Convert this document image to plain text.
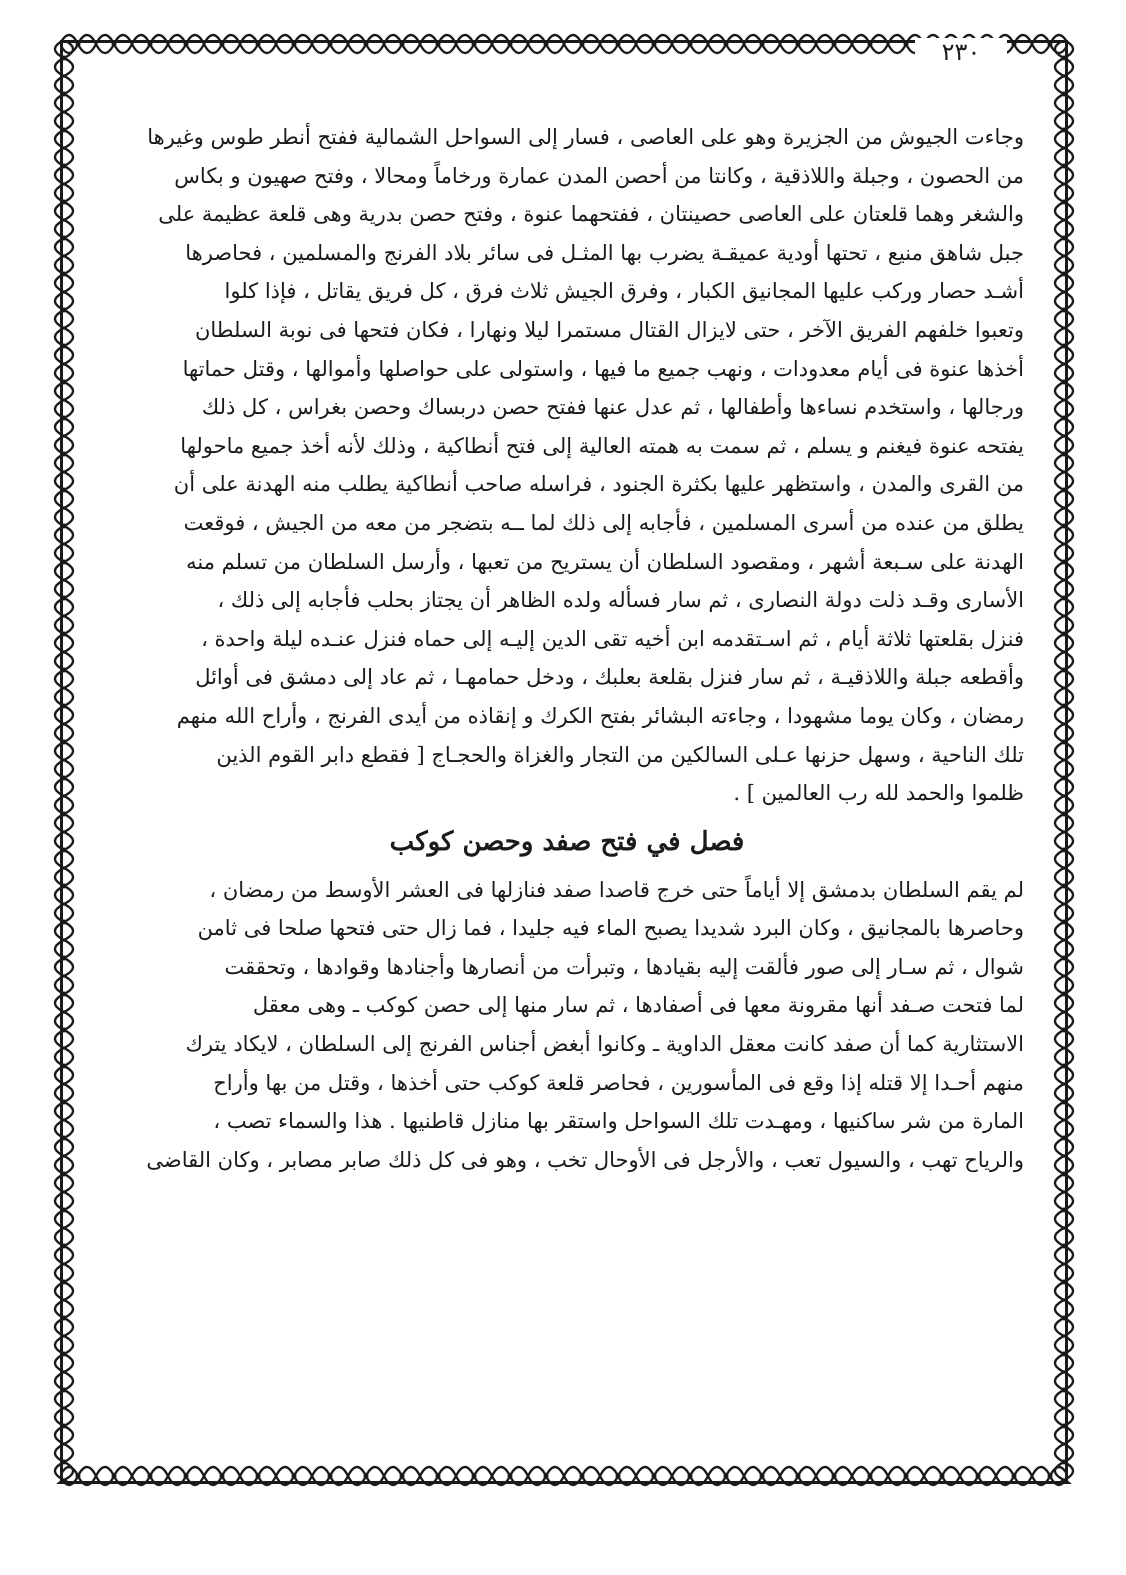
٢٣٠
وجاءت الجيوش من الجزيرة وهو على العاصى ، فسار إلى السواحل الشمالية ففتح أنطر طوس وغيرها
من الحصون ، وجبلة واللاذقية ، وكانتا من أحصن المدن عمارة ورخاماً ومحالا ، وفتح صهيون و بكاس
والشغر وهما قلعتان على العاصى حصينتان ، ففتحهما عنوة ، وفتح حصن بدرية وهى قلعة عظيمة على
جبل شاهق منيع ، تحتها أودية عميقـة يضرب بها المثـل فى سائر بلاد الفرنج والمسلمين ، فحاصرها
أشـد حصار وركب عليها المجانيق الكبار ، وفرق الجيش ثلاث فرق ، كل فريق يقاتل ، فإذا كلوا
وتعبوا خلفهم الفريق الآخر ، حتى لايزال القتال مستمرا ليلا ونهارا ، فكان فتحها فى نوبة السلطان
أخذها عنوة فى أيام معدودات ، ونهب جميع ما فيها ، واستولى على حواصلها وأموالها ، وقتل حماتها
ورجالها ، واستخدم نساءها وأطفالها ، ثم عدل عنها ففتح حصن دربساك وحصن بغراس ، كل ذلك
يفتحه عنوة فيغنم و يسلم ، ثم سمت به همته العالية إلى فتح أنطاكية ، وذلك لأنه أخذ جميع ماحولها
من القرى والمدن ، واستظهر عليها بكثرة الجنود ، فراسله صاحب أنطاكية يطلب منه الهدنة على أن
يطلق من عنده من أسرى المسلمين ، فأجابه إلى ذلك لما ــه بتضجر من معه من الجيش ، فوقعت
الهدنة على سـبعة أشهر ، ومقصود السلطان أن يستريح من تعبها ، وأرسل السلطان من تسلم منه
الأسارى وقـد ذلت دولة النصارى ، ثم سار فسأله ولده الظاهر أن يجتاز بحلب فأجابه إلى ذلك ،
فنزل بقلعتها ثلاثة أيام ، ثم اسـتقدمه ابن أخيه تقى الدين إليـه إلى حماه فنزل عنـده ليلة واحدة ،
وأقطعه جبلة واللاذقيـة ، ثم سار فنزل بقلعة بعلبك ، ودخل حمامهـا ، ثم عاد إلى دمشق فى أوائل
رمضان ، وكان يوما مشهودا ، وجاءته البشائر بفتح الكرك و إنقاذه من أيدى الفرنج ، وأراح الله منهم
تلك الناحية ، وسهل حزنها عـلى السالكين من التجار والغزاة والحجـاج [ فقطع دابر القوم الذين
ظلموا والحمد لله رب العالمين ] .
فصل في فتح صفد وحصن كوكب
لم يقم السلطان بدمشق إلا أياماً حتى خرج قاصدا صفد فنازلها فى العشر الأوسط من رمضان ،
وحاصرها بالمجانيق ، وكان البرد شديدا يصبح الماء فيه جليدا ، فما زال حتى فتحها صلحا فى ثامن
شوال ، ثم سـار إلى صور فألقت إليه بقيادها ، وتبرأت من أنصارها وأجنادها وقوادها ، وتحققت
لما فتحت صـفد أنها مقرونة معها فى أصفادها ، ثم سار منها إلى حصن كوكب ـ وهى معقل
الاستثارية كما أن صفد كانت معقل الداوية ـ وكانوا أبغض أجناس الفرنج إلى السلطان ، لايكاد يترك
منهم أحـدا إلا قتله إذا وقع فى المأسورين ، فحاصر قلعة كوكب حتى أخذها ، وقتل من بها وأراح
المارة من شر ساكنيها ، ومهـدت تلك السواحل واستقر بها منازل قاطنيها . هذا والسماء تصب ،
والرياح تهب ، والسيول تعب ، والأرجل فى الأوحال تخب ، وهو فى كل ذلك صابر مصابر ، وكان القاضى
